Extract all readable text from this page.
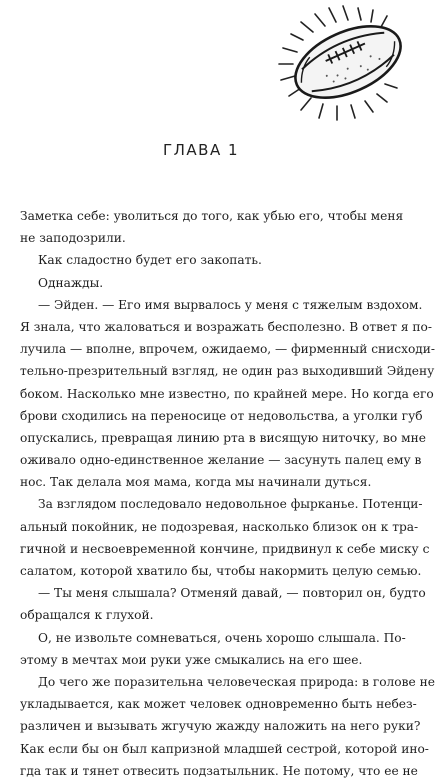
ГЛАВА 1
Заметка себе: уволиться до того, как убью его, чтобы меня
не заподозрили.
Как сладостно будет его закопать.
Однажды.
— Эйден. — Его имя вырвалось у меня с тяжелым вздохом.
Я знала, что жаловаться и возражать бесполезно. В ответ я по-
лучила — вполне, впрочем, ожидаемо, — фирменный снисходи-
тельно-презрительный взгляд, не один раз выходивший Эйдену
боком. Насколько мне известно, по крайней мере. Но когда его
брови сходились на переносице от недовольства, а уголки губ
опускались, превращая линию рта в висящую ниточку, во мне
оживало одно-единственное желание — засунуть палец ему в
нос. Так делала моя мама, когда мы начинали дуться.
За взглядом последовало недовольное фырканье. Потенци-
альный покойник, не подозревая, насколько близок он к тра-
гичной и несвоевременной кончине, придвинул к себе миску с
салатом, которой хватило бы, чтобы накормить целую семью.
— Ты меня слышала? Отменяй давай, — повторил он, будто
обращался к глухой.
О, не извольте сомневаться, очень хорошо слышала. По-
этому в мечтах мои руки уже смыкались на его шее.
До чего же поразительна человеческая природа: в голове не
укладывается, как может человек одновременно быть небез-
различен и вызывать жгучую жажду наложить на него руки?
Как если бы он был капризной младшей сестрой, которой ино-
гда так и тянет отвесить подзатыльник. Не потому, что ее не
